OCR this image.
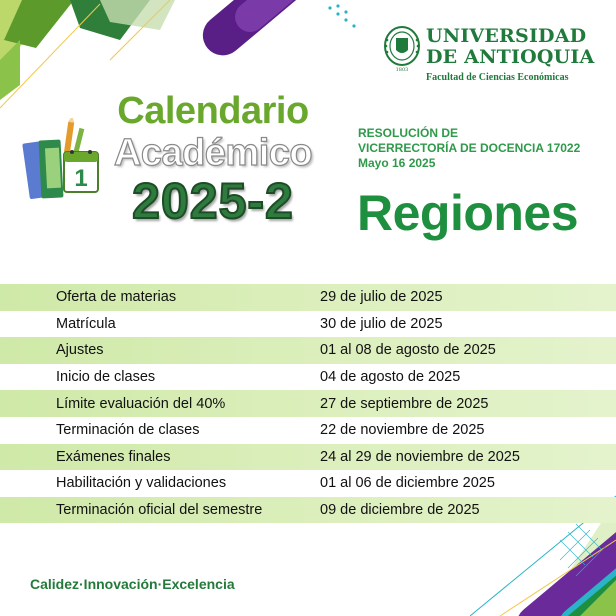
1803
UNIVERSIDAD
DE ANTIOQUIA
Facultad de Ciencias Económicas
1
Calendario
Académico
2025-2
RESOLUCIÓN DE
VICERRECTORÍA DE DOCENCIA 17022
Mayo 16 2025
Regiones
Oferta de materias	29 de julio de 2025
Matrícula	30 de julio de 2025
Ajustes	01 al 08 de agosto de 2025
Inicio de clases	04 de agosto de 2025
Límite evaluación del 40%	27 de septiembre de 2025
Terminación de clases	22 de noviembre de 2025
Exámenes finales	24 al 29 de noviembre de 2025
Habilitación y validaciones	01 al 06 de diciembre 2025
Terminación oficial del semestre	09 de diciembre de 2025
Calidez·Innovación·Excelencia
